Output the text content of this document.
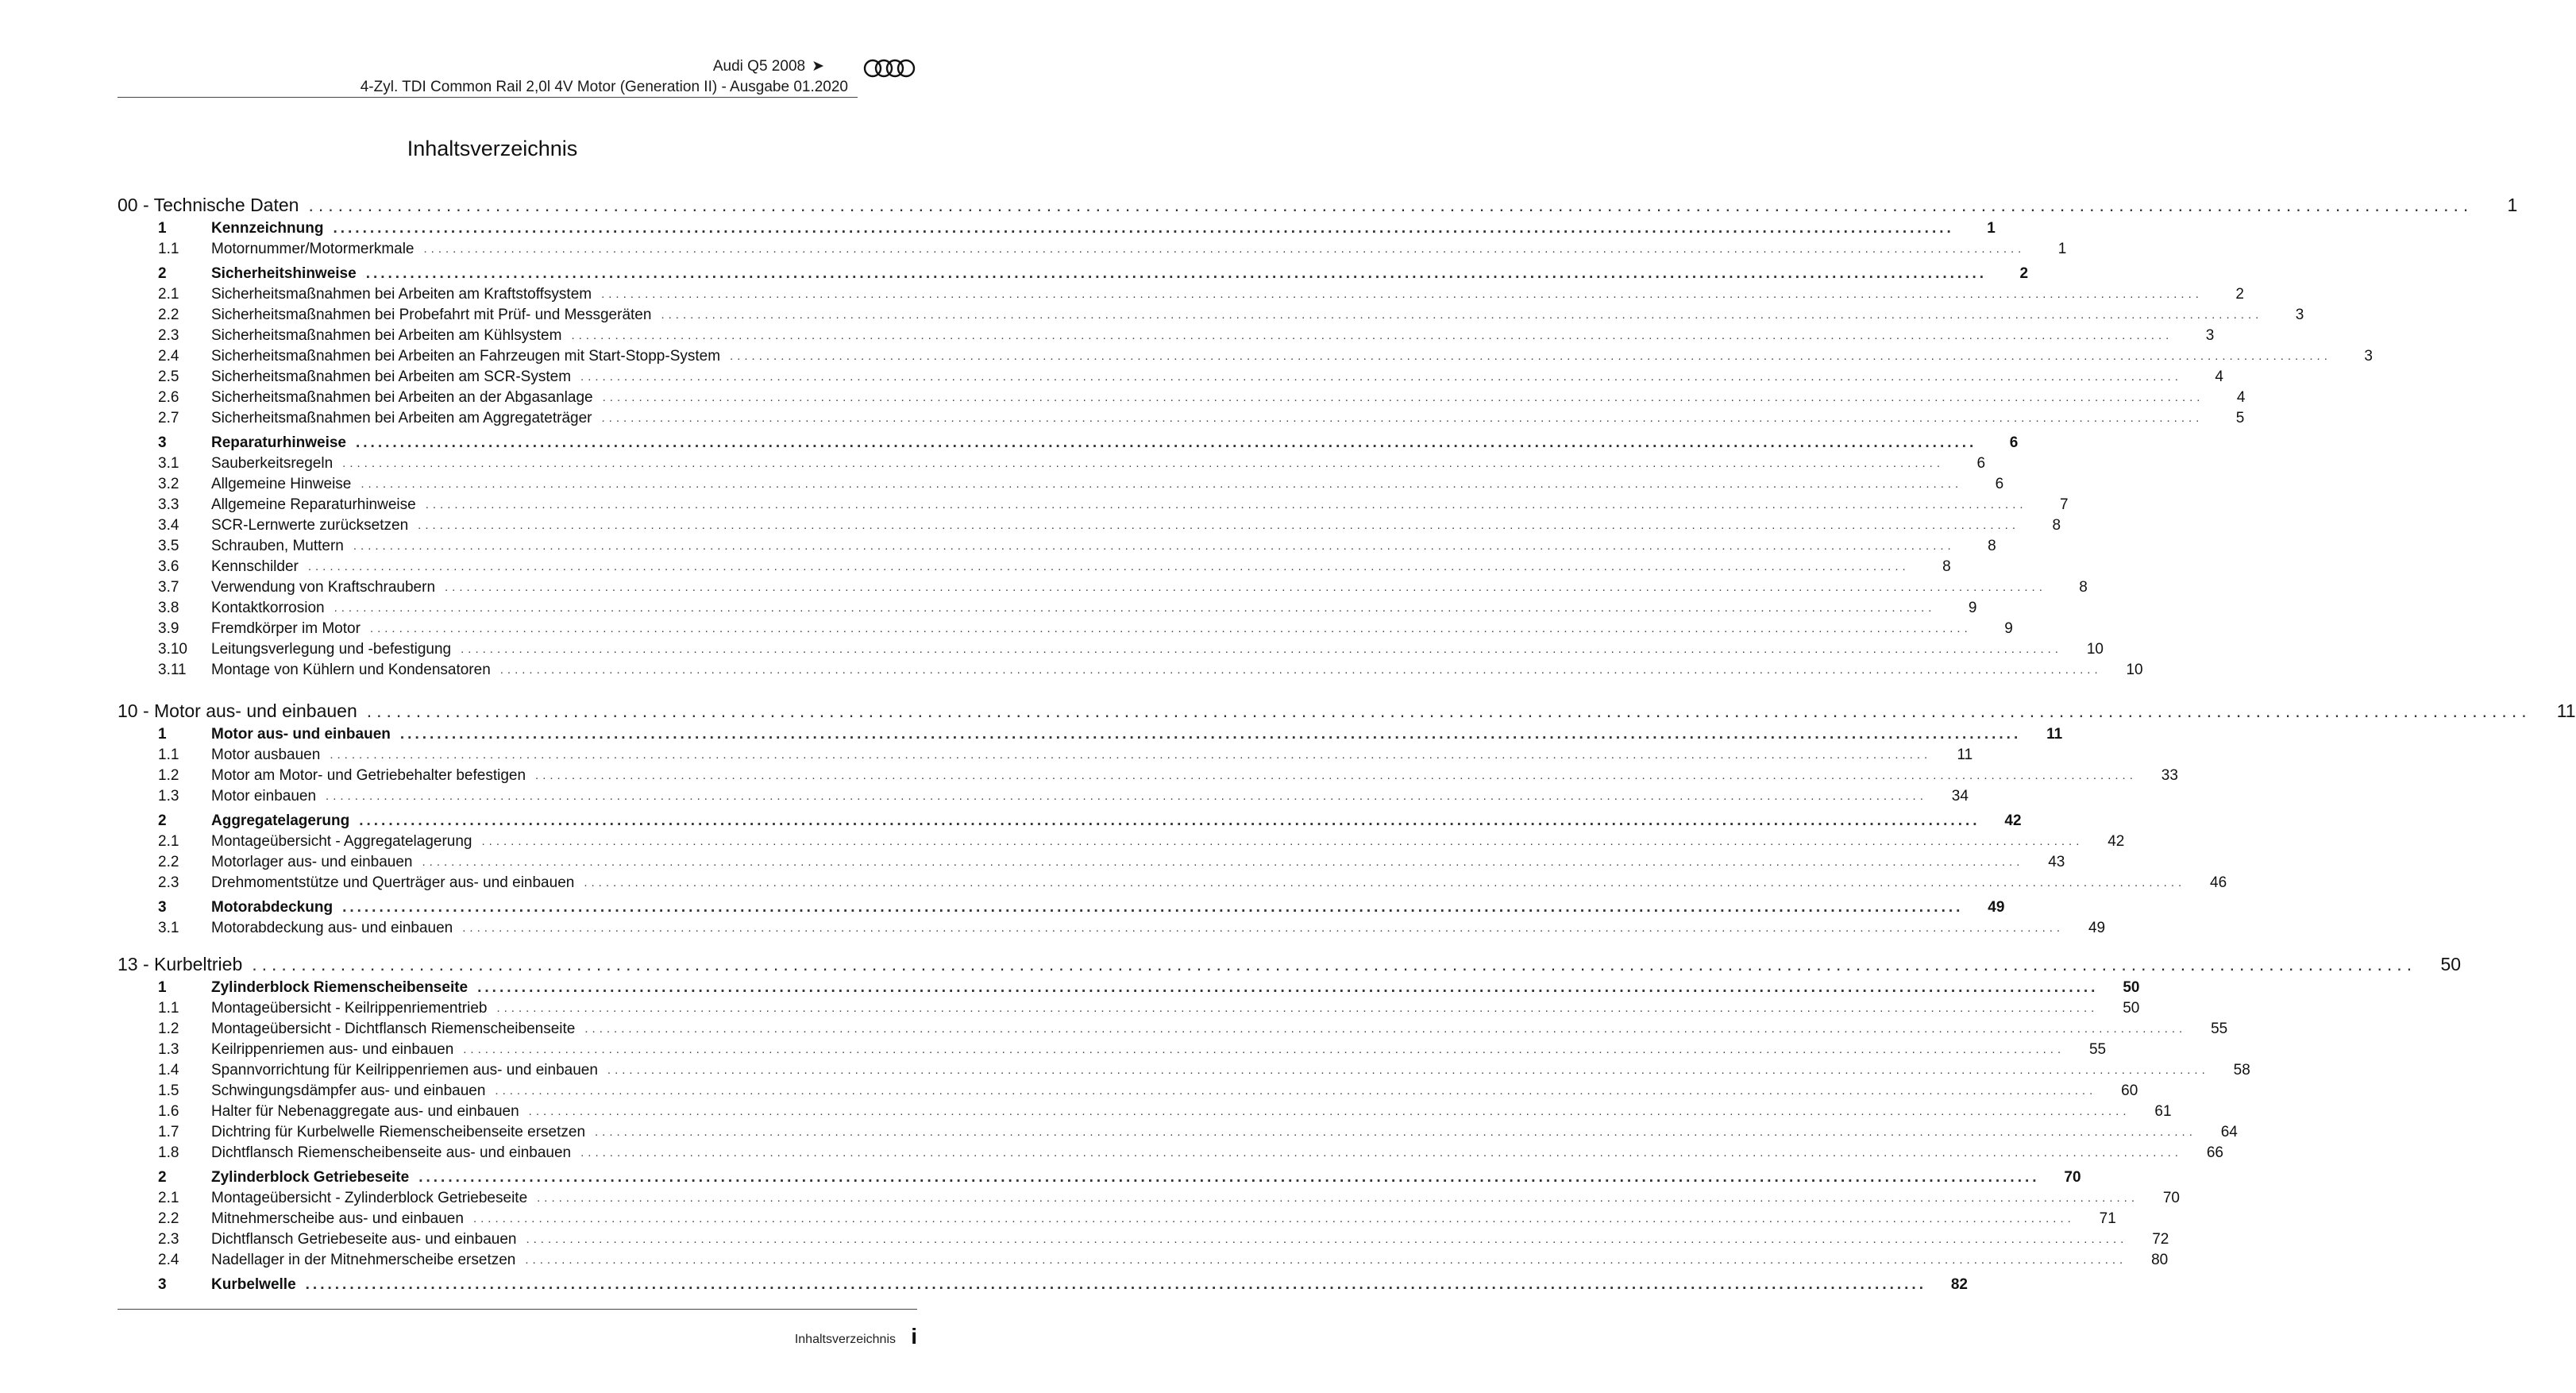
Audi Q5 2008 ➤
4-Zyl. TDI Common Rail 2,0l 4V Motor (Generation II) - Ausgabe 01.2020
Inhaltsverzeichnis
00 - Technische Daten ............................................................................................................................................................................................................................	1
1	Kennzeichnung ............................................................................................................................................................................................................................	1
1.1	Motornummer/Motormerkmale ............................................................................................................................................................................................................................	1
2	Sicherheitshinweise ............................................................................................................................................................................................................................	2
2.1	Sicherheitsmaßnahmen bei Arbeiten am Kraftstoffsystem ............................................................................................................................................................................................................................	2
2.2	Sicherheitsmaßnahmen bei Probefahrt mit Prüf- und Messgeräten ............................................................................................................................................................................................................................	3
2.3	Sicherheitsmaßnahmen bei Arbeiten am Kühlsystem ............................................................................................................................................................................................................................	3
2.4	Sicherheitsmaßnahmen bei Arbeiten an Fahrzeugen mit Start-Stopp-System ............................................................................................................................................................................................................................	3
2.5	Sicherheitsmaßnahmen bei Arbeiten am SCR-System ............................................................................................................................................................................................................................	4
2.6	Sicherheitsmaßnahmen bei Arbeiten an der Abgasanlage ............................................................................................................................................................................................................................	4
2.7	Sicherheitsmaßnahmen bei Arbeiten am Aggregateträger ............................................................................................................................................................................................................................	5
3	Reparaturhinweise ............................................................................................................................................................................................................................	6
3.1	Sauberkeitsregeln ............................................................................................................................................................................................................................	6
3.2	Allgemeine Hinweise ............................................................................................................................................................................................................................	6
3.3	Allgemeine Reparaturhinweise ............................................................................................................................................................................................................................	7
3.4	SCR-Lernwerte zurücksetzen ............................................................................................................................................................................................................................	8
3.5	Schrauben, Muttern ............................................................................................................................................................................................................................	8
3.6	Kennschilder ............................................................................................................................................................................................................................	8
3.7	Verwendung von Kraftschraubern ............................................................................................................................................................................................................................	8
3.8	Kontaktkorrosion ............................................................................................................................................................................................................................	9
3.9	Fremdkörper im Motor ............................................................................................................................................................................................................................	9
3.10	Leitungsverlegung und -befestigung ............................................................................................................................................................................................................................	10
3.11	Montage von Kühlern und Kondensatoren ............................................................................................................................................................................................................................	10
10 - Motor aus- und einbauen ............................................................................................................................................................................................................................	11
1	Motor aus- und einbauen ............................................................................................................................................................................................................................	11
1.1	Motor ausbauen ............................................................................................................................................................................................................................	11
1.2	Motor am Motor- und Getriebehalter befestigen ............................................................................................................................................................................................................................	33
1.3	Motor einbauen ............................................................................................................................................................................................................................	34
2	Aggregatelagerung ............................................................................................................................................................................................................................	42
2.1	Montageübersicht - Aggregatelagerung ............................................................................................................................................................................................................................	42
2.2	Motorlager aus- und einbauen ............................................................................................................................................................................................................................	43
2.3	Drehmomentstütze und Querträger aus- und einbauen ............................................................................................................................................................................................................................	46
3	Motorabdeckung ............................................................................................................................................................................................................................	49
3.1	Motorabdeckung aus- und einbauen ............................................................................................................................................................................................................................	49
13 - Kurbeltrieb ............................................................................................................................................................................................................................	50
1	Zylinderblock Riemenscheibenseite ............................................................................................................................................................................................................................	50
1.1	Montageübersicht - Keilrippenriementrieb ............................................................................................................................................................................................................................	50
1.2	Montageübersicht - Dichtflansch Riemenscheibenseite ............................................................................................................................................................................................................................	55
1.3	Keilrippenriemen aus- und einbauen ............................................................................................................................................................................................................................	55
1.4	Spannvorrichtung für Keilrippenriemen aus- und einbauen ............................................................................................................................................................................................................................	58
1.5	Schwingungsdämpfer aus- und einbauen ............................................................................................................................................................................................................................	60
1.6	Halter für Nebenaggregate aus- und einbauen ............................................................................................................................................................................................................................	61
1.7	Dichtring für Kurbelwelle Riemenscheibenseite ersetzen ............................................................................................................................................................................................................................	64
1.8	Dichtflansch Riemenscheibenseite aus- und einbauen ............................................................................................................................................................................................................................	66
2	Zylinderblock Getriebeseite ............................................................................................................................................................................................................................	70
2.1	Montageübersicht - Zylinderblock Getriebeseite ............................................................................................................................................................................................................................	70
2.2	Mitnehmerscheibe aus- und einbauen ............................................................................................................................................................................................................................	71
2.3	Dichtflansch Getriebeseite aus- und einbauen ............................................................................................................................................................................................................................	72
2.4	Nadellager in der Mitnehmerscheibe ersetzen ............................................................................................................................................................................................................................	80
3	Kurbelwelle ............................................................................................................................................................................................................................	82
Inhaltsverzeichnis i
